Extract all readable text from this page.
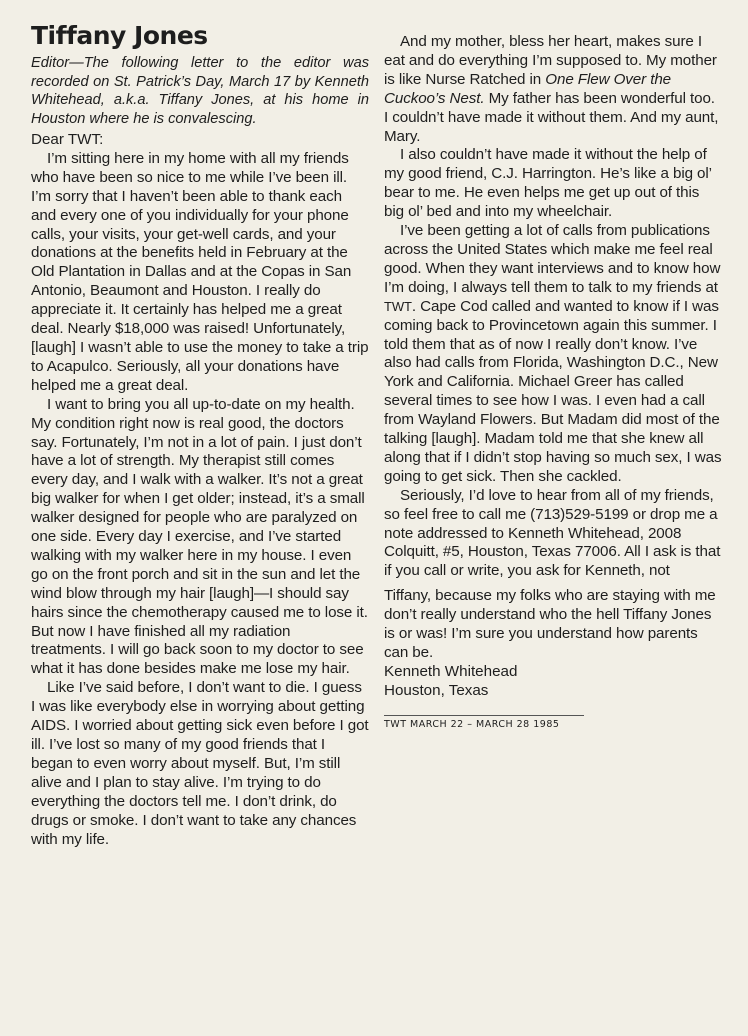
Tiffany Jones

Editor—The following letter to the editor was recorded on St. Patrick’s Day, March 17 by Kenneth Whitehead, a.k.a. Tiffany Jones, at his home in Houston where he is convalescing.

Dear TWT:

I’m sitting here in my home with all my friends who have been so nice to me while I’ve been ill. I’m sorry that I haven’t been able to thank each and every one of you individually for your phone calls, your visits, your get-well cards, and your donations at the benefits held in February at the Old Plantation in Dallas and at the Copas in San Antonio, Beaumont and Houston. I really do appreciate it. It certainly has helped me a great deal. Nearly $18,000 was raised! Unfortunately, [laugh] I wasn’t able to use the money to take a trip to Acapulco. Seriously, all your donations have helped me a great deal.

I want to bring you all up-to-date on my health. My condition right now is real good, the doctors say. Fortunately, I’m not in a lot of pain. I just don’t have a lot of strength. My therapist still comes every day, and I walk with a walker. It’s not a great big walker for when I get older; instead, it’s a small walker designed for people who are paralyzed on one side. Every day I exercise, and I’ve started walking with my walker here in my house. I even go on the front porch and sit in the sun and let the wind blow through my hair [laugh]—I should say hairs since the chemotherapy caused me to lose it. But now I have finished all my radiation treatments. I will go back soon to my doctor to see what it has done besides make me lose my hair.

Like I’ve said before, I don’t want to die. I guess I was like everybody else in worrying about getting AIDS. I worried about getting sick even before I got ill. I’ve lost so many of my good friends that I began to even worry about myself. But, I’m still alive and I plan to stay alive. I’m trying to do everything the doctors tell me. I don’t drink, do drugs or smoke. I don’t want to take any chances with my life.

And my mother, bless her heart, makes sure I eat and do everything I’m supposed to. My mother is like Nurse Ratched in One Flew Over the Cuckoo’s Nest. My father has been wonderful too. I couldn’t have made it without them. And my aunt, Mary.

I also couldn’t have made it without the help of my good friend, C.J. Harrington. He’s like a big ol’ bear to me. He even helps me get up out of this big ol’ bed and into my wheelchair.

I’ve been getting a lot of calls from publications across the United States which make me feel real good. When they want interviews and to know how I’m doing, I always tell them to talk to my friends at TWT. Cape Cod called and wanted to know if I was coming back to Provincetown again this summer. I told them that as of now I really don’t know. I’ve also had calls from Florida, Washington D.C., New York and California. Michael Greer has called several times to see how I was. I even had a call from Wayland Flowers. But Madam did most of the talking [laugh]. Madam told me that she knew all along that if I didn’t stop having so much sex, I was going to get sick. Then she cackled.

Seriously, I’d love to hear from all of my friends, so feel free to call me (713)529-5199 or drop me a note addressed to Kenneth Whitehead, 2008 Colquitt, #5, Houston, Texas 77006. All I ask is that if you call or write, you ask for Kenneth, not

Tiffany, because my folks who are staying with me don’t really understand who the hell Tiffany Jones is or was! I’m sure you understand how parents can be.

Kenneth Whitehead

Houston, Texas

TWT MARCH 22 – MARCH 28 1985
